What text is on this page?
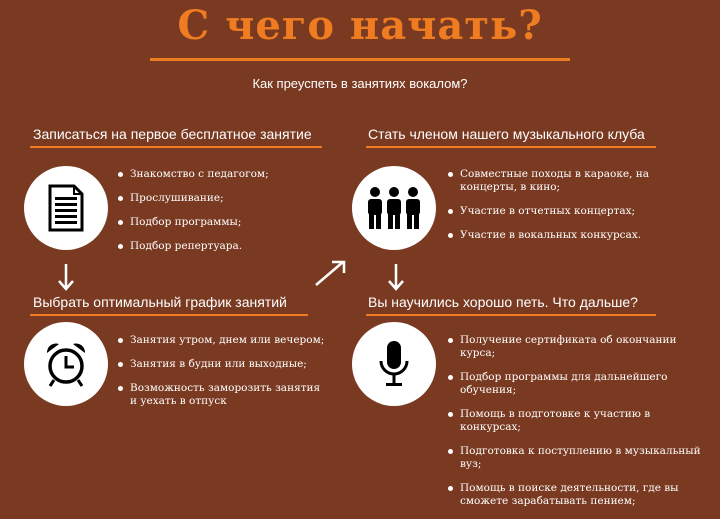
С чего начать?
Как преуспеть в занятиях вокалом?
Записаться на первое бесплатное занятие
Знакомство с педагогом;
Прослушивание;
Подбор программы;
Подбор репертуара.
Стать членом нашего музыкального клуба
Совместные походы в караоке, на концерты, в кино;
Участие в отчетных концертах;
Участие в вокальных конкурсах.
Выбрать оптимальный график занятий
Занятия утром, днем или вечером;
Занятия в будни или выходные;
Возможность заморозить занятия и уехать в отпуск
Вы научились хорошо петь. Что дальше?
Получение сертификата об окончании курса;
Подбор программы для дальнейшего обучения;
Помощь в подготовке к участию в конкурсах;
Подготовка к поступлению в музыкальный вуз;
Помощь в поиске деятельности, где вы сможете зарабатывать пением;
